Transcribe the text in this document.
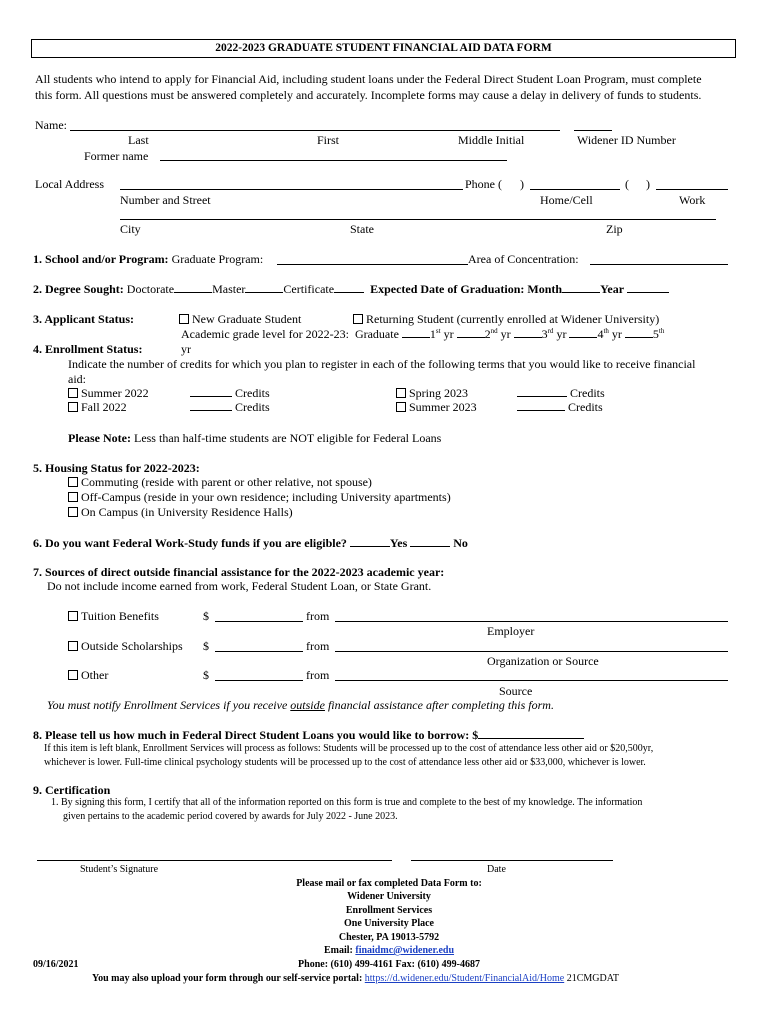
2022-2023 GRADUATE STUDENT FINANCIAL AID DATA FORM
All students who intend to apply for Financial Aid, including student loans under the Federal Direct Student Loan Program, must complete
this form. All questions must be answered completely and accurately. Incomplete forms may cause a delay in delivery of funds to students.
Name:
Last	First	Middle Initial	Widener ID Number
Former name
Local Address	Phone ( )	( )
Number and Street	Home/Cell	Work
City	State	Zip
1. School and/or Program: Graduate Program:	Area of Concentration:
2. Degree Sought: Doctorate	Master	Certificate	Expected Date of Graduation: Month	Year
3. Applicant Status:	New Graduate Student	Returning Student (currently enrolled at Widener University)
Academic grade level for 2022-23: Graduate	1st yr	2nd yr	3rd yr	4th yr	5th
yr
4. Enrollment Status:
Indicate the number of credits for which you plan to register in each of the following terms that you would like to receive financial
aid:
Summer 2022	Credits	Spring 2023	Credits
Fall 2022	Credits	Summer 2023	Credits
Please Note: Less than half-time students are NOT eligible for Federal Loans
5. Housing Status for 2022-2023:
Commuting (reside with parent or other relative, not spouse)
Off-Campus (reside in your own residence; including University apartments)
On Campus (in University Residence Halls)
6. Do you want Federal Work-Study funds if you are eligible?	Yes	No
7. Sources of direct outside financial assistance for the 2022-2023 academic year:
Do not include income earned from work, Federal Student Loan, or State Grant.
Tuition Benefits	$	from
Employer
Outside Scholarships $	from
Organization or Source
Other	$	from
Source
You must notify Enrollment Services if you receive outside financial assistance after completing this form.
8. Please tell us how much in Federal Direct Student Loans you would like to borrow: $
If this item is left blank, Enrollment Services will process as follows: Students will be processed up to the cost of attendance less other aid or $20,500yr,
whichever is lower. Full-time clinical psychology students will be processed up to the cost of attendance less other aid or $33,000, whichever is lower.
9. Certification
1. By signing this form, I certify that all of the information reported on this form is true and complete to the best of my knowledge. The information
given pertains to the academic period covered by awards for July 2022 - June 2023.
Student’s Signature	Date
Please mail or fax completed Data Form to:
Widener University
Enrollment Services
One University Place
Chester, PA 19013-5792
Email: finaidmc@widener.edu
09/16/2021	Phone: (610) 499-4161 Fax: (610) 499-4687
You may also upload your form through our self-service portal: https://d.widener.edu/Student/FinancialAid/Home 21CMGDAT
